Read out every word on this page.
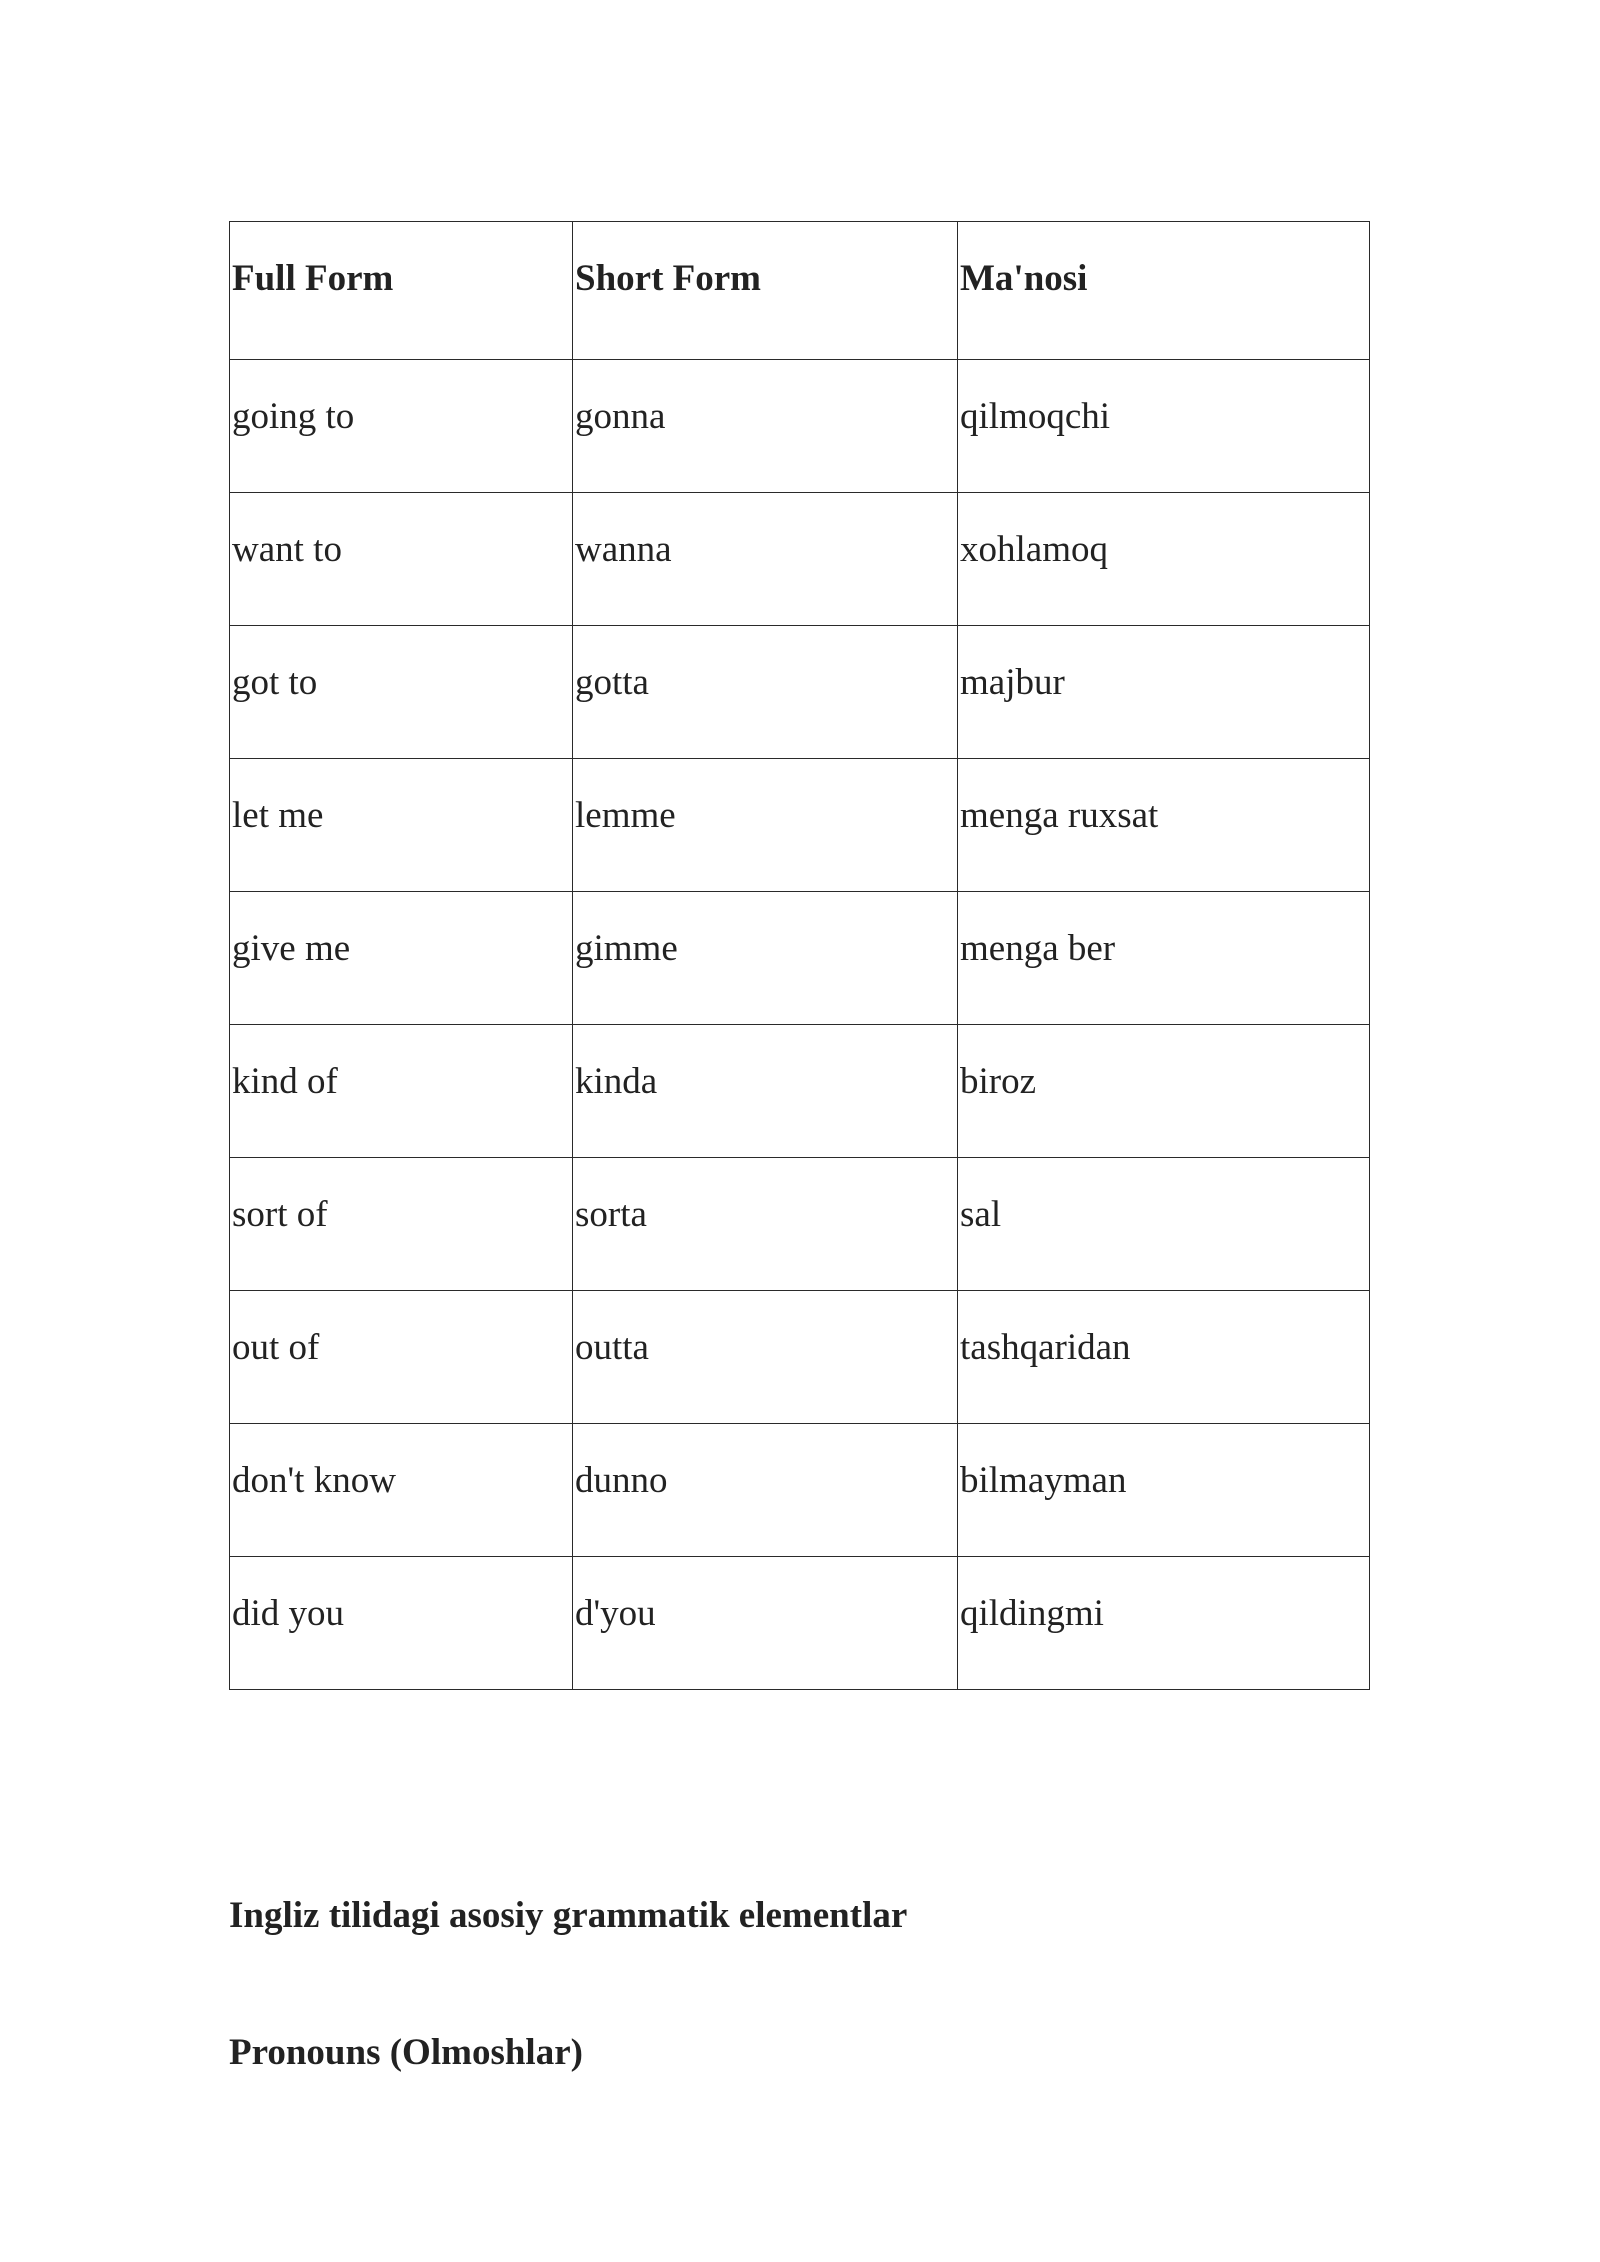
Full Form	Short Form	Ma'nosi
going to	gonna	qilmoqchi
want to	wanna	xohlamoq
got to	gotta	majbur
let me	lemme	menga ruxsat
give me	gimme	menga ber
kind of	kinda	biroz
sort of	sorta	sal
out of	outta	tashqaridan
don't know	dunno	bilmayman
did you	d'you	qildingmi
Ingliz tilidagi asosiy grammatik elementlar
Pronouns (Olmoshlar)
